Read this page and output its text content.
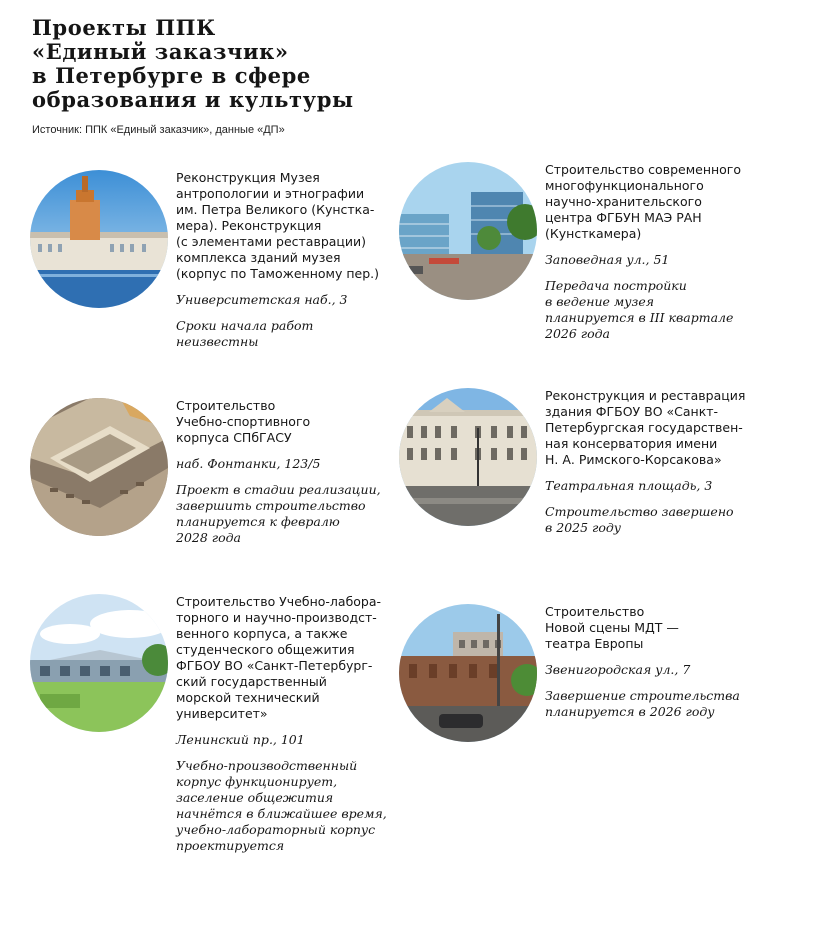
Проекты ППК
«Единый заказчик»
в Петербурге в сфере
образования и культуры
Источник: ППК «Единый заказчик», данные «ДП»

Реконструкция Музея
антропологии и этнографии
им. Петра Великого (Кунстка-
мера). Реконструкция
(с элементами реставрации)
комплекса зданий музея
(корпус по Таможенному пер.)

Университетская наб., 3
Сроки начала работ
неизвестны

Строительство современного
многофункционального
научно-хранительского
центра ФГБУН МАЭ РАН
(Кунсткамера)

Заповедная ул., 51
Передача постройки
в ведение музея
планируется в III квартале
2026 года

Строительство
Учебно-спортивного
корпуса СПбГАСУ

наб. Фонтанки, 123/5
Проект в стадии реализации,
завершить строительство
планируется к февралю
2028 года

Реконструкция и реставрация
здания ФГБОУ ВО «Санкт-
Петербургская государствен-
ная консерватория имени
Н. А. Римского-Корсакова»

Театральная площадь, 3
Строительство завершено
в 2025 году

Строительство Учебно-лабора-
торного и научно-производст-
венного корпуса, а также
студенческого общежития
ФГБОУ ВО «Санкт-Петербург-
ский государственный
морской технический
университет»

Ленинский пр., 101
Учебно-производственный
корпус функционирует,
заселение общежития
начнётся в ближайшее время,
учебно-лабораторный корпус
проектируется

Строительство
Новой сцены МДТ —
театра Европы

Звенигородская ул., 7
Завершение строительства
планируется в 2026 году
